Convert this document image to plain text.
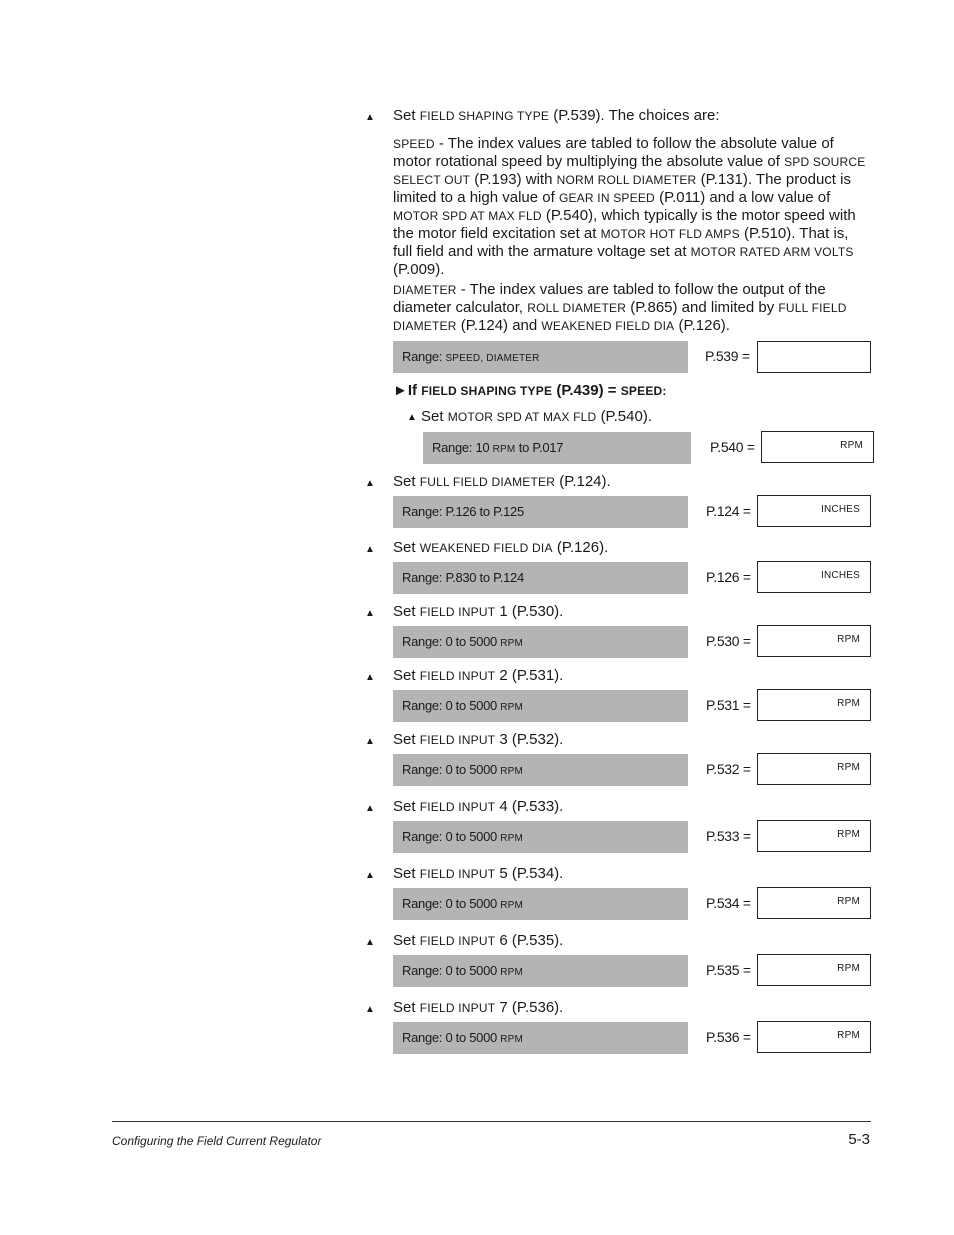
▲ Set FIELD SHAPING TYPE (P.539). The choices are:

SPEED - The index values are tabled to follow the absolute value of motor rotational speed by multiplying the absolute value of SPD SOURCE SELECT OUT (P.193) with NORM ROLL DIAMETER (P.131). The product is limited to a high value of GEAR IN SPEED (P.011) and a low value of MOTOR SPD AT MAX FLD (P.540), which typically is the motor speed with the motor field excitation set at MOTOR HOT FLD AMPS (P.510). That is, full field and with the armature voltage set at MOTOR RATED ARM VOLTS (P.009).

DIAMETER - The index values are tabled to follow the output of the diameter calculator, ROLL DIAMETER (P.865) and limited by FULL FIELD DIAMETER (P.124) and WEAKENED FIELD DIA (P.126).

Range: SPEED, DIAMETER	P.539 =
►If FIELD SHAPING TYPE (P.439) = SPEED:
▲ Set MOTOR SPD AT MAX FLD (P.540).
Range: 10 RPM to P.017	P.540 =	RPM
▲ Set FULL FIELD DIAMETER (P.124).
Range: P.126 to P.125	P.124 =	INCHES
▲ Set WEAKENED FIELD DIA (P.126).
Range: P.830 to P.124	P.126 =	INCHES
▲ Set FIELD INPUT 1 (P.530).
Range: 0 to 5000 RPM	P.530 =	RPM
▲ Set FIELD INPUT 2 (P.531).
Range: 0 to 5000 RPM	P.531 =	RPM
▲ Set FIELD INPUT 3 (P.532).
Range: 0 to 5000 RPM	P.532 =	RPM
▲ Set FIELD INPUT 4 (P.533).
Range: 0 to 5000 RPM	P.533 =	RPM
▲ Set FIELD INPUT 5 (P.534).
Range: 0 to 5000 RPM	P.534 =	RPM
▲ Set FIELD INPUT 6 (P.535).
Range: 0 to 5000 RPM	P.535 =	RPM
▲ Set FIELD INPUT 7 (P.536).
Range: 0 to 5000 RPM	P.536 =	RPM
Configuring the Field Current Regulator	5-3
